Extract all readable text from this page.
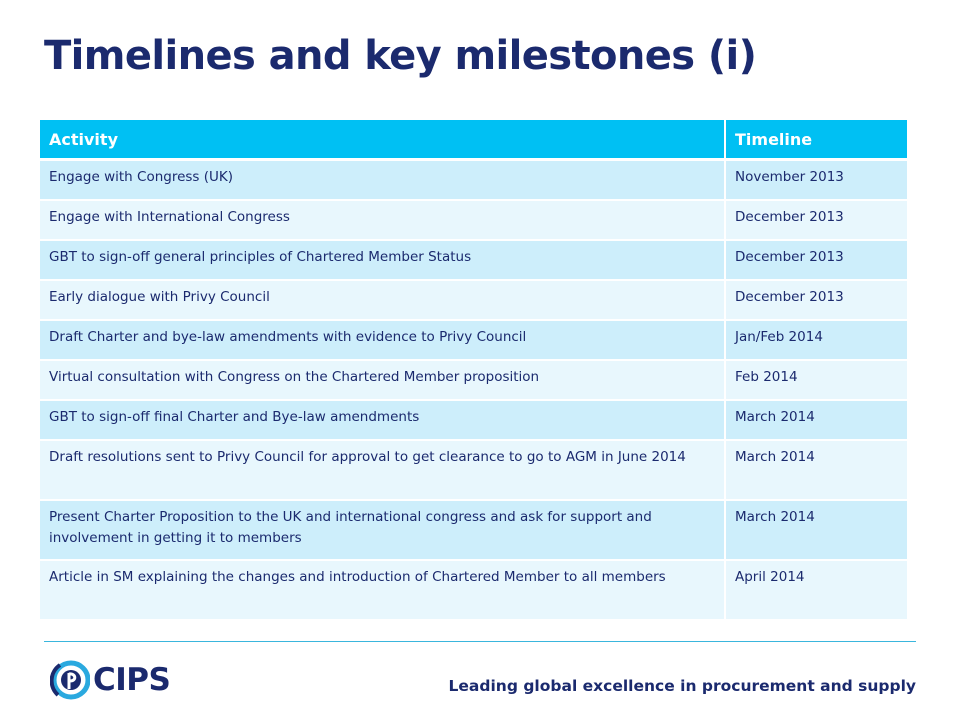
Timelines and key milestones (i)
Activity	Timeline
Engage with Congress (UK)	November 2013
Engage with International Congress	December 2013
GBT to sign-off general principles of Chartered Member Status	December 2013
Early dialogue with Privy Council	December 2013
Draft Charter and bye-law amendments with evidence to Privy Council	Jan/Feb 2014
Virtual consultation with Congress on the Chartered Member proposition	Feb 2014
GBT to sign-off final Charter and Bye-law amendments	March 2014
Draft resolutions sent to Privy Council for approval to get clearance to go to AGM in June 2014	March 2014
Present Charter Proposition to the UK and international congress and ask for support and involvement in getting it to members	March 2014
Article in SM explaining the changes and introduction of Chartered Member to all members	April 2014
CIPS	Leading global excellence in procurement and supply
